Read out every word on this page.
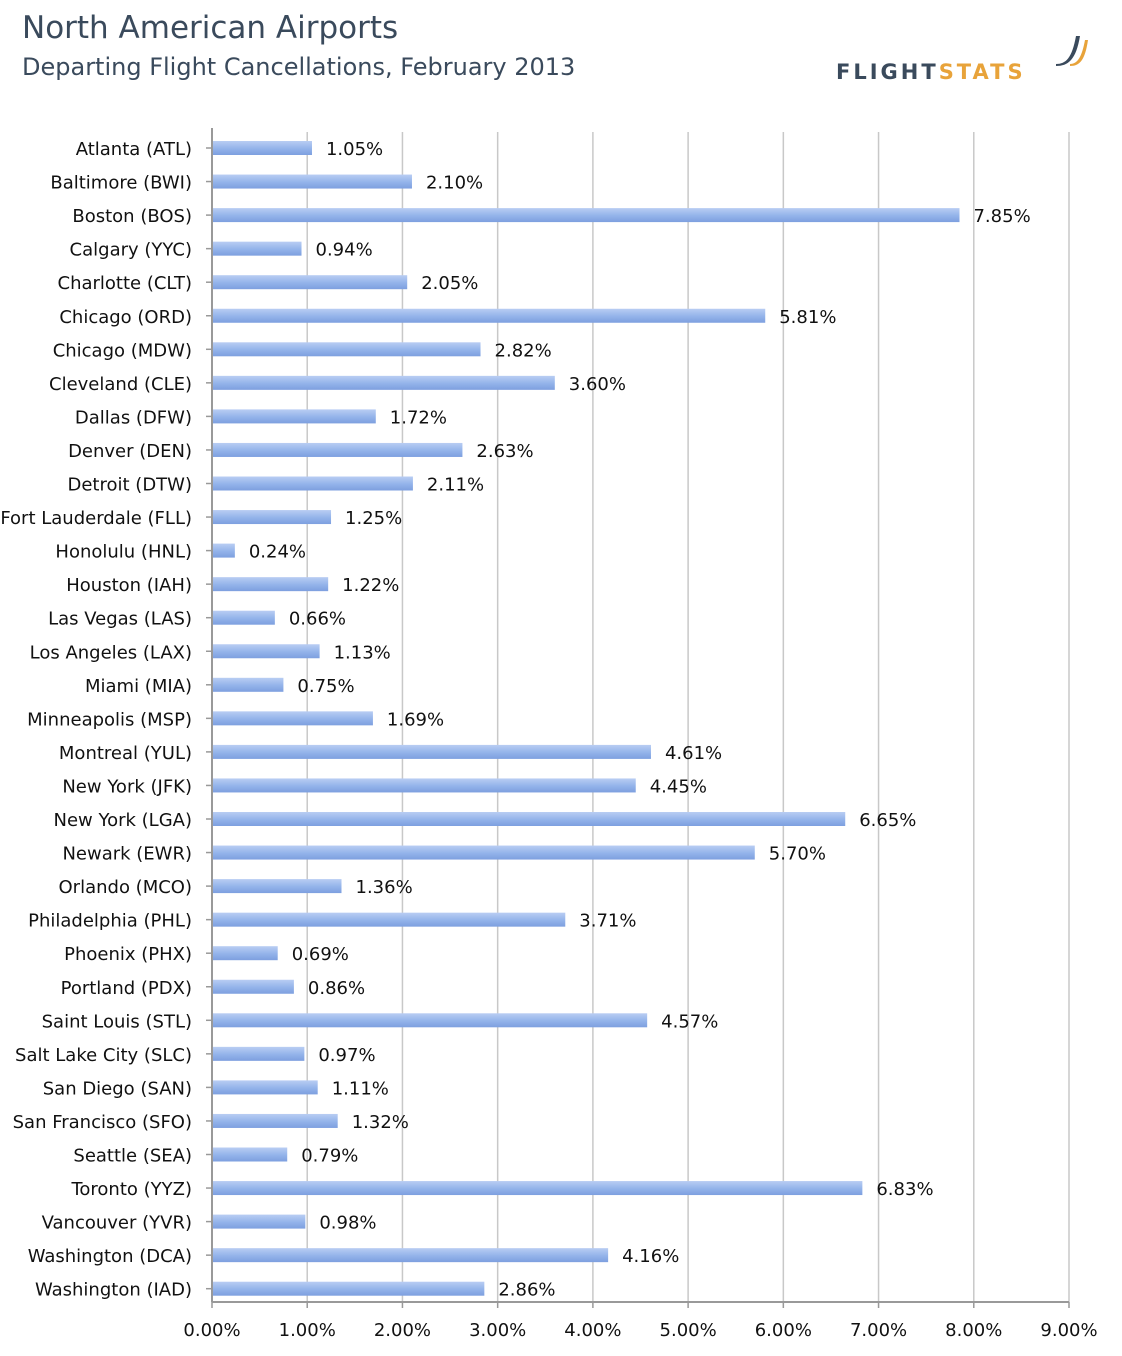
North American Airports
Departing Flight Cancellations, February 2013	FLIGHTSTATS
0.00% 1.00% 2.00% 3.00% 4.00% 5.00% 6.00% 7.00% 8.00% 9.00%
Atlanta (ATL)	1.05%
Baltimore (BWI)	2.10%
Boston (BOS)	7.85%
Calgary (YYC)	0.94%
Charlotte (CLT)	2.05%
Chicago (ORD)	5.81%
Chicago (MDW)	2.82%
Cleveland (CLE)	3.60%
Dallas (DFW)	1.72%
Denver (DEN)	2.63%
Detroit (DTW)	2.11%
Fort Lauderdale (FLL)	1.25%
Honolulu (HNL)	0.24%
Houston (IAH)	1.22%
Las Vegas (LAS)	0.66%
Los Angeles (LAX)	1.13%
Miami (MIA)	0.75%
Minneapolis (MSP)	1.69%
Montreal (YUL)	4.61%
New York (JFK)	4.45%
New York (LGA)	6.65%
Newark (EWR)	5.70%
Orlando (MCO)	1.36%
Philadelphia (PHL)	3.71%
Phoenix (PHX)	0.69%
Portland (PDX)	0.86%
Saint Louis (STL)	4.57%
Salt Lake City (SLC)	0.97%
San Diego (SAN)	1.11%
San Francisco (SFO)	1.32%
Seattle (SEA)	0.79%
Toronto (YYZ)	6.83%
Vancouver (YVR)	0.98%
Washington (DCA)	4.16%
Washington (IAD)	2.86%
